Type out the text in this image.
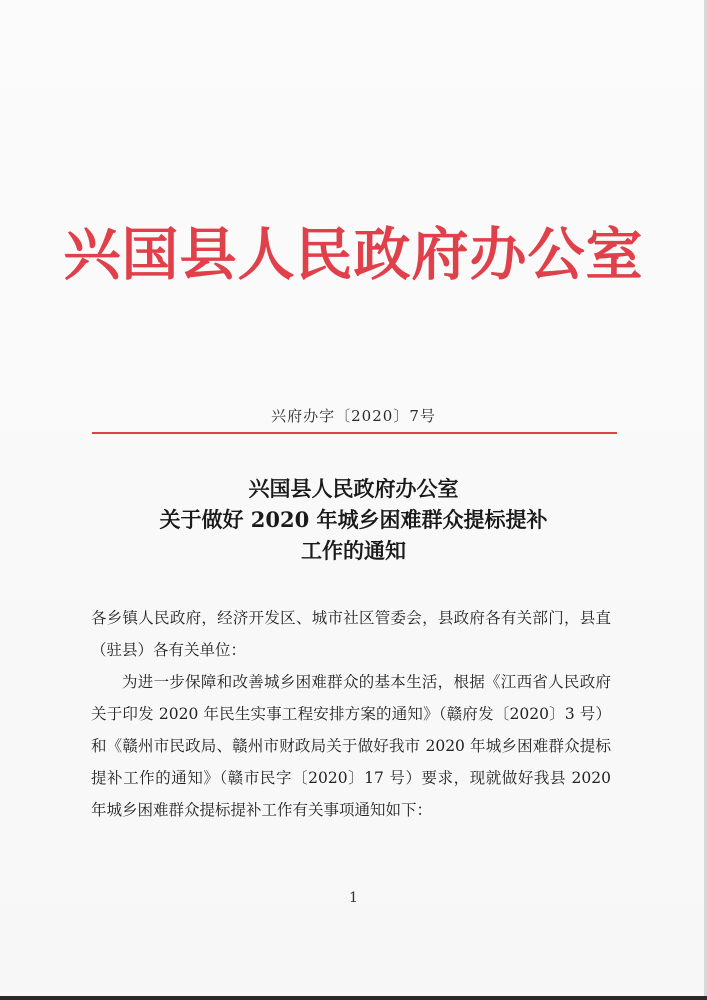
兴国县人民政府办公室
兴府办字〔2020〕7号
兴国县人民政府办公室
关于做好 2020 年城乡困难群众提标提补
工作的通知

各乡镇人民政府，经济开发区、城市社区管委会，县政府各有关部门，县直（驻县）各有关单位：

为进一步保障和改善城乡困难群众的基本生活，根据《江西省人民政府关于印发 2020 年民生实事工程安排方案的通知》（赣府发〔2020〕3 号）和《赣州市民政局、赣州市财政局关于做好我市 2020 年城乡困难群众提标提补工作的通知》（赣市民字〔2020〕17 号）要求，现就做好我县 2020 年城乡困难群众提标提补工作有关事项通知如下：

1
